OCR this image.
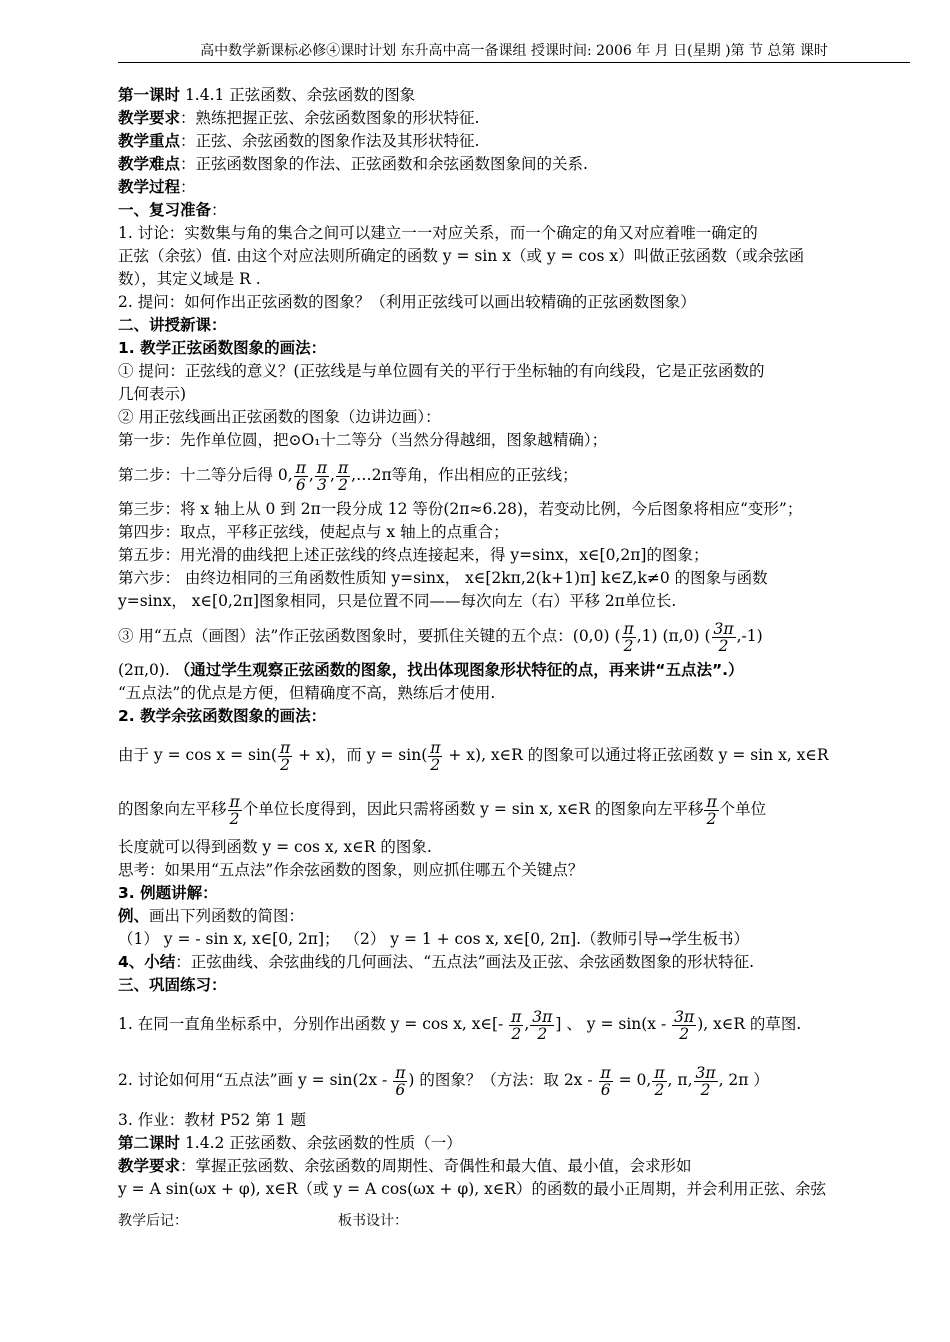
高中数学新课标必修④课时计划 东升高中高一备课组 授课时间: 2006 年 月 日(星期 )第 节 总第 课时
第一课时 1.4.1 正弦函数、余弦函数的图象
教学要求：熟练把握正弦、余弦函数图象的形状特征.
教学重点：正弦、余弦函数的图象作法及其形状特征.
教学难点：正弦函数图象的作法、正弦函数和余弦函数图象间的关系.
教学过程：
一、复习准备：
1. 讨论：实数集与角的集合之间可以建立一一对应关系，而一个确定的角又对应着唯一确定的
正弦（余弦）值. 由这个对应法则所确定的函数 y = sin x（或 y = cos x）叫做正弦函数（或余弦函
数），其定义域是 R .
2. 提问：如何作出正弦函数的图象？（利用正弦线可以画出较精确的正弦函数图象）
二、讲授新课：
1. 教学正弦函数图象的画法：
① 提问：正弦线的意义？(正弦线是与单位圆有关的平行于坐标轴的有向线段，它是正弦函数的
几何表示)
② 用正弦线画出正弦函数的图象（边讲边画）：
第一步：先作单位圆，把⊙O₁十二等分（当然分得越细，图象越精确）；
第二步：十二等分后得 0, $\frac{\pi}{6}$ , $\frac{\pi}{3}$ , $\frac{\pi}{2}$ ,…2π等角，作出相应的正弦线；
第三步：将 x 轴上从 0 到 2π一段分成 12 等份(2π≈6.28)，若变动比例，今后图象将相应“变形”；
第四步：取点，平移正弦线，使起点与 x 轴上的点重合；
第五步：用光滑的曲线把上述正弦线的终点连接起来，得 y=sinx，x∈[0,2π]的图象；
第六步： 由终边相同的三角函数性质知 y=sinx， x∈[2kπ,2(k+1)π] k∈Z,k≠0 的图象与函数
y=sinx， x∈[0,2π]图象相同，只是位置不同——每次向左（右）平移 2π单位长.
③ 用“五点（画图）法”作正弦函数图象时，要抓住关键的五个点：(0,0) ( $\frac{\pi}{2} ,1$) (π,0) ( $\frac{3\pi}{2} ,-1$)
(2π,0). （通过学生观察正弦函数的图象，找出体现图象形状特征的点，再来讲“五点法”.）
“五点法”的优点是方便，但精确度不高，熟练后才使用.
2. 教学余弦函数图象的画法：
由于 $y = \cos x = \sin( \frac{\pi}{2} + x)$，而 $y = \sin( \frac{\pi}{2} + x)$, x∈R 的图象可以通过将正弦函数 y = sin x, x∈R
的图象向左平移 $\frac{\pi}{2}$ 个单位长度得到，因此只需将函数 y = sin x, x∈R 的图象向左平移 $\frac{\pi}{2}$ 个单位
长度就可以得到函数 y = cos x, x∈R 的图象.
思考：如果用“五点法”作余弦函数的图象，则应抓住哪五个关键点？
3. 例题讲解：
例、画出下列函数的简图：
（1） y = - sin x, x∈[0, 2π]； （2） y = 1 + cos x, x∈[0, 2π].（教师引导→学生板书）
4、小结：正弦曲线、余弦曲线的几何画法、“五点法”画法及正弦、余弦函数图象的形状特征.
三、巩固练习：
1. 在同一直角坐标系中，分别作出函数 y = cos x, x∈[- $\frac{\pi}{2}$ , $\frac{3\pi}{2}$ ] 、 $y = \sin(x - \frac{3\pi}{2}$ ), x∈R 的草图.
2. 讨论如何用“五点法”画 $y = \sin(2x - \frac{\pi}{6}$ ) 的图象？（方法：取 $2x - \frac{\pi}{6} = 0$, $\frac{\pi}{2}$ , π, $\frac{3\pi}{2}$ , 2π ）
3. 作业：教材 P52 第 1 题
第二课时 1.4.2 正弦函数、余弦函数的性质（一）
教学要求：掌握正弦函数、余弦函数的周期性、奇偶性和最大值、最小值，会求形如
y = A sin(ωx + φ), x∈R（或 y = A cos(ωx + φ), x∈R）的函数的最小正周期，并会利用正弦、余弦
教学后记：	板书设计：
